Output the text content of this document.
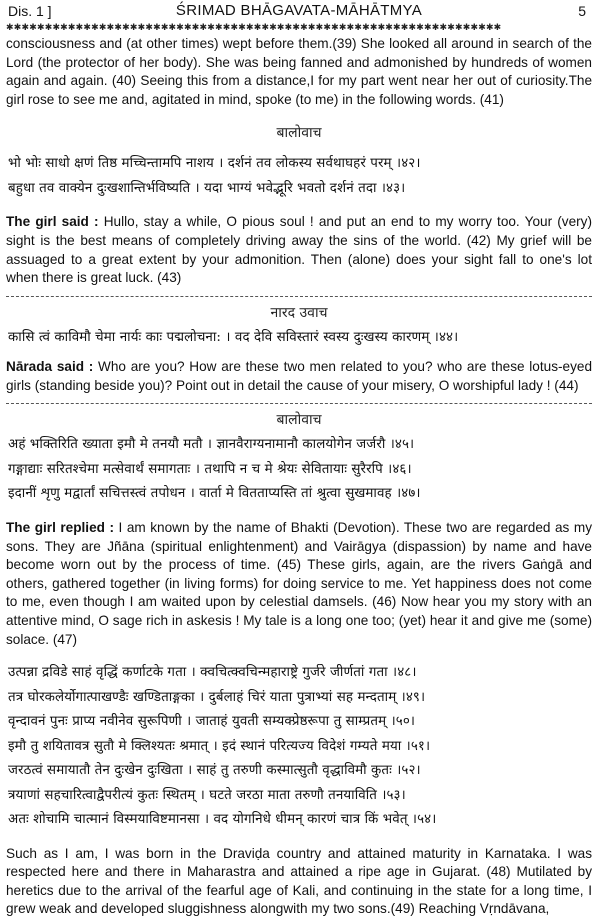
Dis. 1 ]	ŚRIMAD BHĀGAVATA-MĀHĀTMYA	5
✱✱✱✱✱✱✱✱✱✱✱✱✱✱✱✱✱✱✱✱✱✱✱✱✱✱✱✱✱✱✱✱✱✱✱✱✱✱✱✱✱✱✱✱✱✱✱✱✱✱✱✱✱✱✱✱✱✱✱✱✱✱✱✱

consciousness and (at other times) wept before them.(39) She looked all around in search of the Lord (the protector of her body). She was being fanned and admonished by hundreds of women again and again. (40) Seeing this from a distance,I for my part went near her out of curiosity.The girl rose to see me and, agitated in mind, spoke (to me) in the following words. (41)

बालोवाच
भो भोः साधो क्षणं तिष्ठ मच्चिन्तामपि नाशय । दर्शनं तव लोकस्य सर्वथाघहरं परम् ।४२।
बहुधा तव वाक्येन दुःखशान्तिर्भविष्यति । यदा भाग्यं भवेद्भूरि भवतो दर्शनं तदा ।४३।

The girl said : Hullo, stay a while, O pious soul ! and put an end to my worry too. Your (very) sight is the best means of completely driving away the sins of the world. (42) My grief will be assuaged to a great extent by your admonition. Then (alone) does your sight fall to one's lot when there is great luck. (43)

नारद उवाच
कासि त्वं काविमौ चेमा नार्यः काः पद्मलोचना: । वद देवि सविस्तारं स्वस्य दुःखस्य कारणम् ।४४।

Nārada said : Who are you? How are these two men related to you? who are these lotus-eyed girls (standing beside you)? Point out in detail the cause of your misery, O worshipful lady ! (44)

बालोवाच
अहं भक्तिरिति ख्याता इमौ मे तनयौ मतौ । ज्ञानवैराग्यनामानौ कालयोगेन जर्जरौ ।४५।
गङ्गाद्याः सरितश्चेमा मत्सेवार्थं समागताः । तथापि न च मे श्रेयः सेवितायाः सुरैरपि ।४६।
इदानीं शृणु मद्वार्तां सचित्तस्त्वं तपोधन । वार्ता मे वितताप्यस्ति तां श्रुत्वा सुखमावह ।४७।

The girl replied : I am known by the name of Bhakti (Devotion). These two are regarded as my sons. They are Jñāna (spiritual enlightenment) and Vairāgya (dispassion) by name and have become worn out by the process of time. (45) These girls, again, are the rivers Gaṅgā and others, gathered together (in living forms) for doing service to me. Yet happiness does not come to me, even though I am waited upon by celestial damsels. (46) Now hear you my story with an attentive mind, O sage rich in askesis ! My tale is a long one too; (yet) hear it and give me (some) solace. (47)

उत्पन्ना द्रविडे साहं वृद्धिं कर्णाटके गता । क्वचित्क्वचिन्महाराष्ट्रे गुर्जरे जीर्णतां गता ।४८।
तत्र घोरकलेर्योगात्पाखण्डैः खण्डिताङ्गका । दुर्बलाहं चिरं याता पुत्राभ्यां सह मन्दताम् ।४९।
वृन्दावनं पुनः प्राप्य नवीनेव सुरूपिणी । जाताहं युवती सम्यक्प्रेष्ठरूपा तु साम्प्रतम् ।५०।
इमौ तु शयितावत्र सुतौ मे क्लिश्यतः श्रमात् । इदं स्थानं परित्यज्य विदेशं गम्यते मया ।५१।
जरठत्वं समायातौ तेन दुःखेन दुःखिता । साहं तु तरुणी कस्मात्सुतौ वृद्धाविमौ कुतः ।५२।
त्रयाणां सहचारित्वाद्वैपरीत्यं कुतः स्थितम् । घटते जरठा माता तरुणौ तनयाविति ।५३।
अतः शोचामि चात्मानं विस्मयाविष्टमानसा । वद योगनिधे धीमन् कारणं चात्र किं भवेत् ।५४।

Such as I am, I was born in the Draviḍa country and attained maturity in Karnataka. I was respected here and there in Maharastra and attained a ripe age in Gujarat. (48) Mutilated by heretics due to the arrival of the fearful age of Kali, and continuing in the state for a long time, I grew weak and developed sluggishness alongwith my two sons.(49) Reaching Vṛndāvana,
